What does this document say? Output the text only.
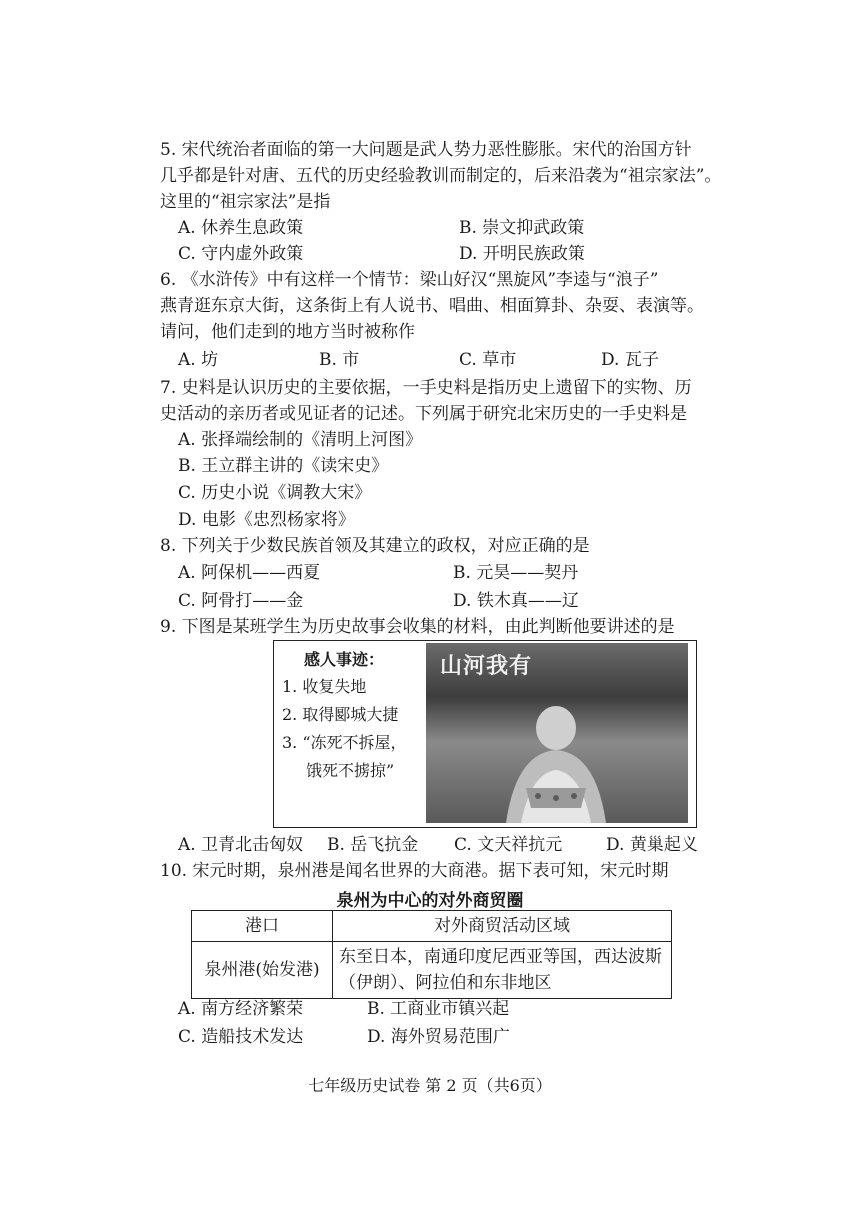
5. 宋代统治者面临的第一大问题是武人势力恶性膨胀。宋代的治国方针
几乎都是针对唐、五代的历史经验教训而制定的，后来沿袭为“祖宗家法”。
这里的“祖宗家法”是指
A. 休养生息政策	B. 崇文抑武政策
C. 守内虚外政策	D. 开明民族政策
6. 《水浒传》中有这样一个情节：梁山好汉“黑旋风”李逵与“浪子”
燕青逛东京大街，这条街上有人说书、唱曲、相面算卦、杂耍、表演等。
请问，他们走到的地方当时被称作
A. 坊	B. 市	C. 草市	D. 瓦子
7. 史料是认识历史的主要依据，一手史料是指历史上遗留下的实物、历
史活动的亲历者或见证者的记述。下列属于研究北宋历史的一手史料是
A. 张择端绘制的《清明上河图》
B. 王立群主讲的《读宋史》
C. 历史小说《调教大宋》
D. 电影《忠烈杨家将》
8. 下列关于少数民族首领及其建立的政权，对应正确的是
A. 阿保机——西夏	B. 元昊——契丹
C. 阿骨打——金	D. 铁木真——辽
9. 下图是某班学生为历史故事会收集的材料，由此判断他要讲述的是
感人事迹：
1. 收复失地
2. 取得郾城大捷
3. “冻死不拆屋，
饿死不掳掠”
山河我有
A. 卫青北击匈奴 B. 岳飞抗金 C. 文天祥抗元	D. 黄巢起义
10. 宋元时期，泉州港是闻名世界的大商港。据下表可知，宋元时期
泉州为中心的对外商贸圈
港口	对外商贸活动区域
泉州港(始发港)	东至日本，南通印度尼西亚等国，西达波斯（伊朗）、阿拉伯和东非地区
A. 南方经济繁荣	B. 工商业市镇兴起
C. 造船技术发达	D. 海外贸易范围广
七年级历史试卷 第 2 页（共6页）
